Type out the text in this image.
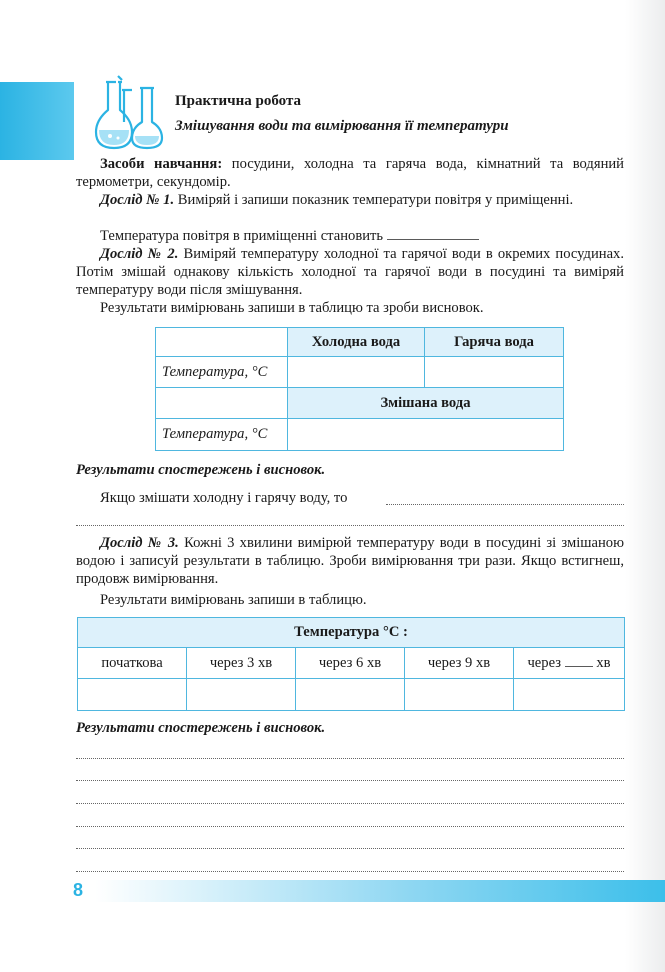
Практична робота
Змішування води та вимірювання її температури

Засоби навчання: посудини, холодна та гаряча вода, кімнатний та водяний термометри, секундомір.

Дослід № 1. Виміряй і запиши показник температури повітря у приміщенні.

Температура повітря в приміщенні становить

Дослід № 2. Виміряй температуру холодної та гарячої води в окремих посудинах. Потім змішай однакову кількість холодної та гарячої води в посудині та виміряй температуру води після змішування.

Результати вимірювань запиши в таблицю та зроби висновок.

	Холодна вода	Гаряча вода
Температура, °С		
	Змішана вода	
Температура, °С		

Результати спостережень і висновок.

Якщо змішати холодну і гарячу воду, то

Дослід № 3. Кожні 3 хвилини вимірюй температуру води в посудині зі змішаною водою і записуй результати в таблицю. Зроби вимірювання три рази. Якщо встигнеш, продовж вимірювання.

Результати вимірювань запиши в таблицю.

Температура °С :				
початкова	через 3 хв	через 6 хв	через 9 хв	через хв

Результати спостережень і висновок.

8
